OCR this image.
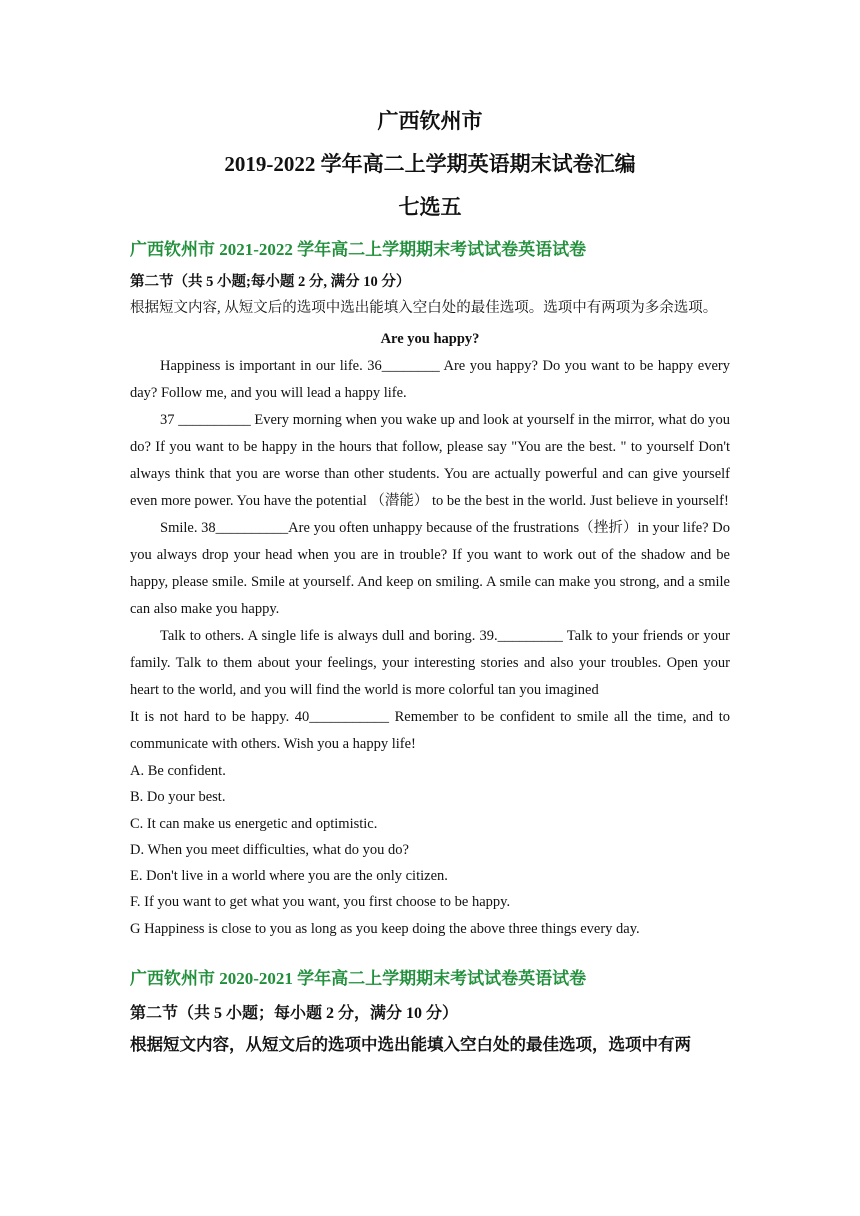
广西钦州市
2019-2022 学年高二上学期英语期末试卷汇编
七选五
广西钦州市 2021-2022 学年高二上学期期末考试试卷英语试卷
第二节（共 5 小题;每小题 2 分, 满分 10 分）

根据短文内容, 从短文后的选项中选出能填入空白处的最佳选项。选项中有两项为多余选项。

Are you happy?

Happiness is important in our life. 36________ Are you happy? Do you want to be happy every day? Follow me, and you will lead a happy life.

37 __________ Every morning when you wake up and look at yourself in the mirror, what do you do? If you want to be happy in the hours that follow, please say "You are the best. " to yourself Don't always think that you are worse than other students. You are actually powerful and can give yourself even more power. You have the potential （潜能） to be the best in the world. Just believe in yourself!

Smile. 38__________Are you often unhappy because of the frustrations（挫折）in your life? Do you always drop your head when you are in trouble? If you want to work out of the shadow and be happy, please smile. Smile at yourself. And keep on smiling. A smile can make you strong, and a smile can also make you happy.

Talk to others. A single life is always dull and boring. 39._________ Talk to your friends or your family. Talk to them about your feelings, your interesting stories and also your troubles. Open your heart to the world, and you will find the world is more colorful tan you imagined

It is not hard to be happy. 40___________ Remember to be confident to smile all the time, and to communicate with others. Wish you a happy life!

A. Be confident.
B. Do your best.
C. It can make us energetic and optimistic.
D. When you meet difficulties, what do you do?
E. Don't live in a world where you are the only citizen.
F. If you want to get what you want, you first choose to be happy.
G Happiness is close to you as long as you keep doing the above three things every day.
广西钦州市 2020-2021 学年高二上学期期末考试试卷英语试卷
第二节（共 5 小题；每小题 2 分，满分 10 分）

根据短文内容，从短文后的选项中选出能填入空白处的最佳选项，选项中有两
